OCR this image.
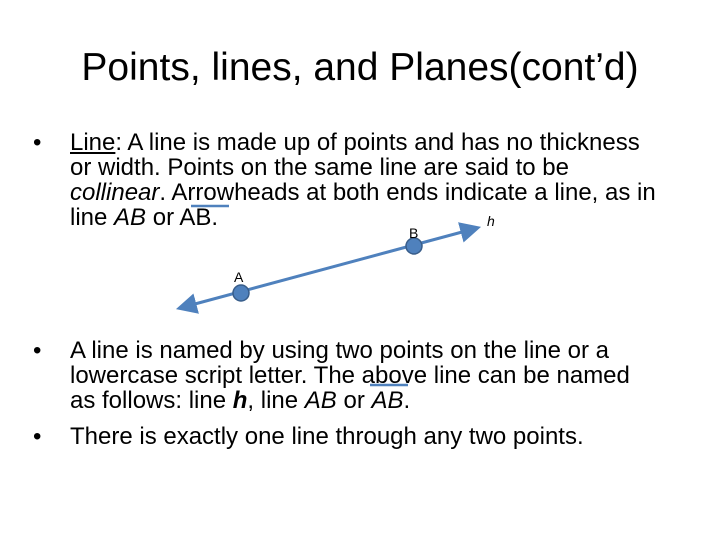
Points, lines, and Planes(cont’d)
• Line: A line is made up of points and has no thickness
or width. Points on the same line are said to be
collinear. Arrowheads at both ends indicate a line, as in
line AB or AB.
• A line is named by using two points on the line or a
lowercase script letter. The above line can be named
as follows: line h, line AB or AB.
• There is exactly one line through any two points.
A
B
h
